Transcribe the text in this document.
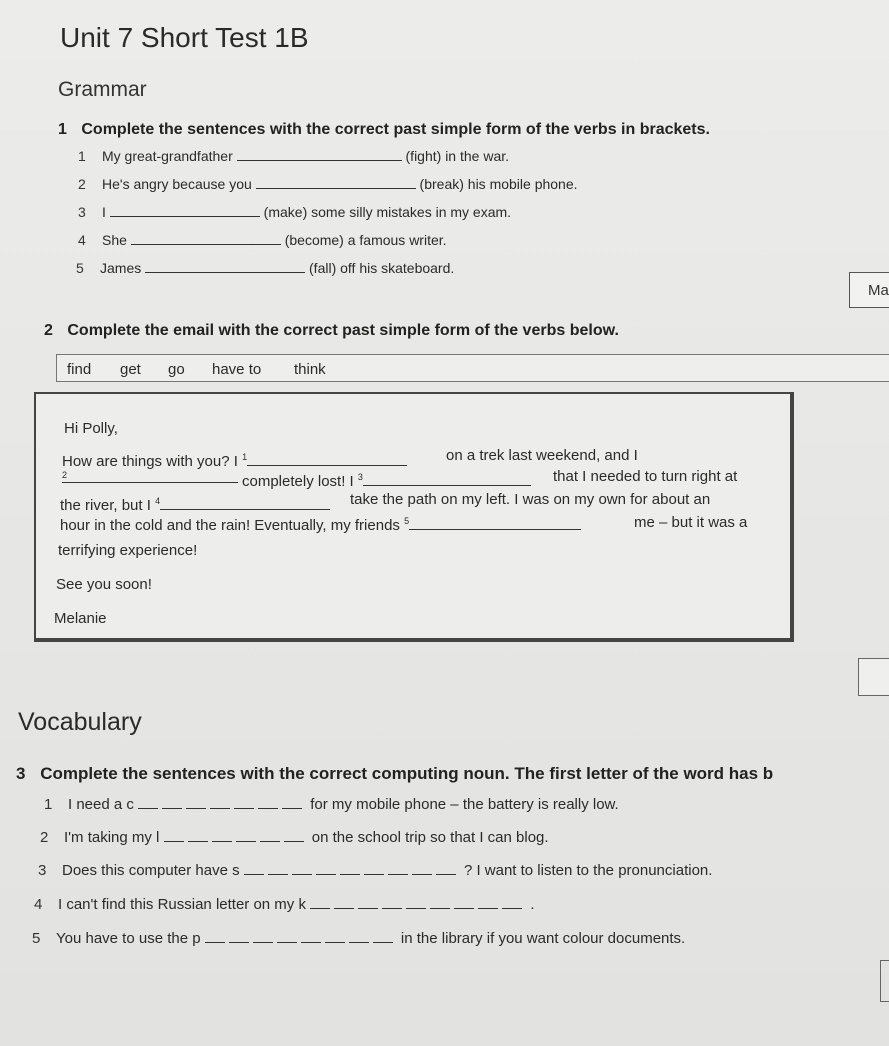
Unit 7 Short Test 1B
Grammar
1 Complete the sentences with the correct past simple form of the verbs in brackets.
1 My great-grandfather	(fight) in the war.
2 He's angry because you	(break) his mobile phone.
3 I	(make) some silly mistakes in my exam.
4 She	(become) a famous writer.
5 James	(fall) off his skateboard.
Ma
2 Complete the email with the correct past simple form of the verbs below.
find get go have to think
Hi Polly,
How are things with you? I $^1$	on a trek last weekend, and I
2	completely lost! I $^3$	that I needed to turn right at
the river, but I $^4$	take the path on my left. I was on my own for about an
hour in the cold and the rain! Eventually, my friends $^5$	me – but it was a
terrifying experience!
See you soon!
Melanie
Vocabulary
3 Complete the sentences with the correct computing noun. The first letter of the word has b
1 I need a c	for my mobile phone – the battery is really low.
2 I'm taking my l	on the school trip so that I can blog.
3 Does this computer have s	? I want to listen to the pronunciation.
4 I can't find this Russian letter on my k	.
5 You have to use the p	in the library if you want colour documents.
